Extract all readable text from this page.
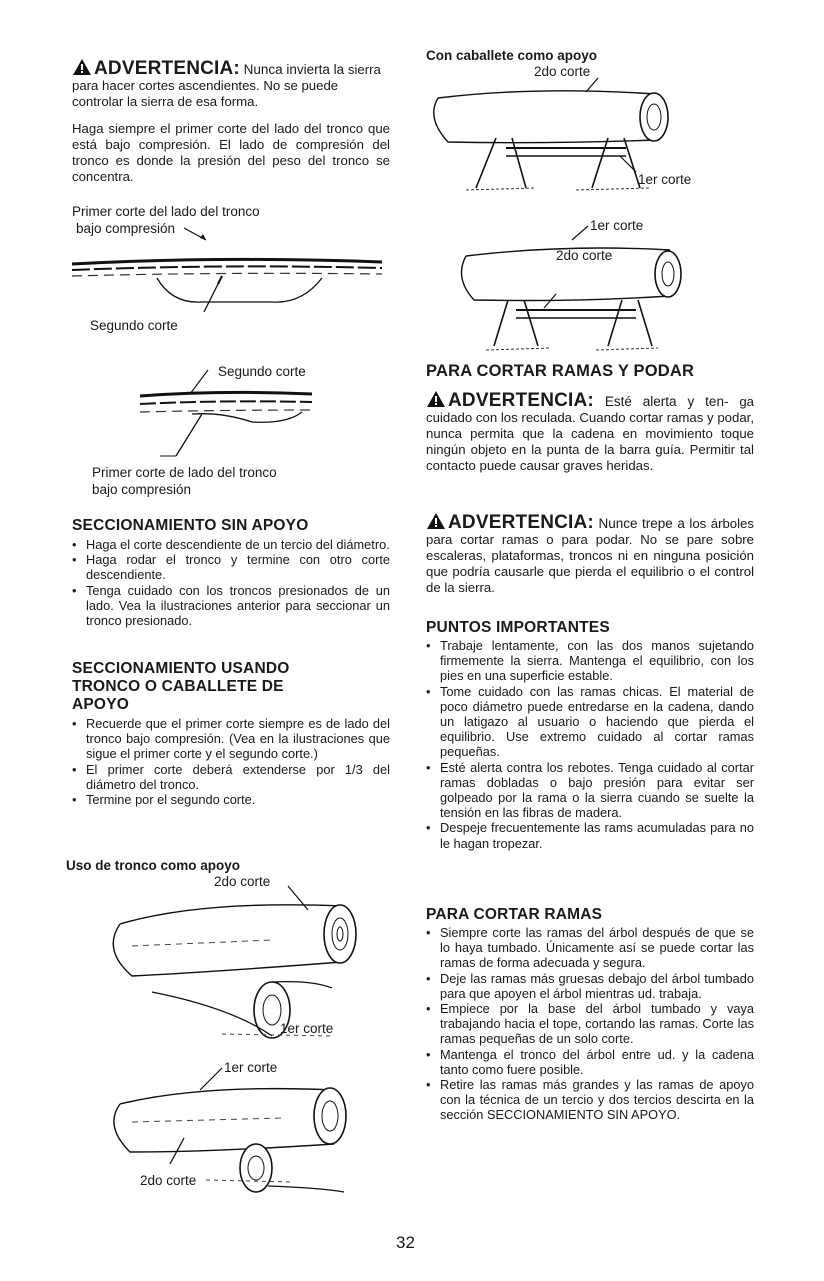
ADVERTENCIA: Nunca invierta la sierra para hacer cortes ascendientes. No se puede controlar la sierra de esa forma.

Haga siempre el primer corte del lado del tronco que está bajo compresión. El lado de compresión del tronco es donde la presión del peso del tronco se concentra.

Primer corte del lado del tronco
bajo compresión
Segundo corte
Segundo corte
Primer corte de lado del tronco
bajo compresión
SECCIONAMIENTO SIN APOYO
• Haga el corte descendiente de un tercio del diámetro.
• Haga rodar el tronco y termine con otro corte descendiente.
• Tenga cuidado con los troncos presionados de un lado. Vea la ilustraciones anterior para seccionar un tronco presionado.
SECCIONAMIENTO USANDO TRONCO O CABALLETE DE APOYO
• Recuerde que el primer corte siempre es de lado del tronco bajo compresión. (Vea en la ilustraciones que sigue el primer corte y el segundo corte.)
• El primer corte deberá extenderse por 1/3 del diámetro del tronco.
• Termine por el segundo corte.
Uso de tronco como apoyo
2do corte
1er corte
1er corte
2do corte
Con caballete como apoyo
2do corte
1er corte
1er corte
2do corte
PARA CORTAR RAMAS Y PODAR

ADVERTENCIA: Esté alerta y ten- ga cuidado con los reculada. Cuando cortar ramas y podar, nunca permita que la cadena en movimiento toque ningún objeto en la punta de la barra guía. Permitir tal contacto puede causar graves heridas.

ADVERTENCIA: Nunce trepe a los árboles para cortar ramas o para podar. No se pare sobre escaleras, plataformas, troncos ni en ninguna posición que podría causarle que pierda el equilibrio o el control de la sierra.

PUNTOS IMPORTANTES
• Trabaje lentamente, con las dos manos sujetando firmemente la sierra. Mantenga el equilibrio, con los pies en una superficie estable.
• Tome cuidado con las ramas chicas. El material de poco diámetro puede entredarse en la cadena, dando un latigazo al usuario o haciendo que pierda el equilibrio. Use extremo cuidado al cortar ramas pequeñas.
• Esté alerta contra los rebotes. Tenga cuidado al cortar ramas dobladas o bajo presión para evitar ser golpeado por la rama o la sierra cuando se suelte la tensión en las fibras de madera.
• Despeje frecuentemente las rams acumuladas para no le hagan tropezar.
PARA CORTAR RAMAS
• Siempre corte las ramas del árbol después de que se lo haya tumbado. Únicamente así se puede cortar las ramas de forma adecuada y segura.
• Deje las ramas más gruesas debajo del árbol tumbado para que apoyen el árbol mientras ud. trabaja.
• Empiece por la base del árbol tumbado y vaya trabajando hacia el tope, cortando las ramas. Corte las ramas pequeñas de un solo corte.
• Mantenga el tronco del árbol entre ud. y la cadena tanto como fuere posible.
• Retire las ramas más grandes y las ramas de apoyo con la técnica de un tercio y dos tercios descirta en la sección SECCIONAMIENTO SIN APOYO.
32
